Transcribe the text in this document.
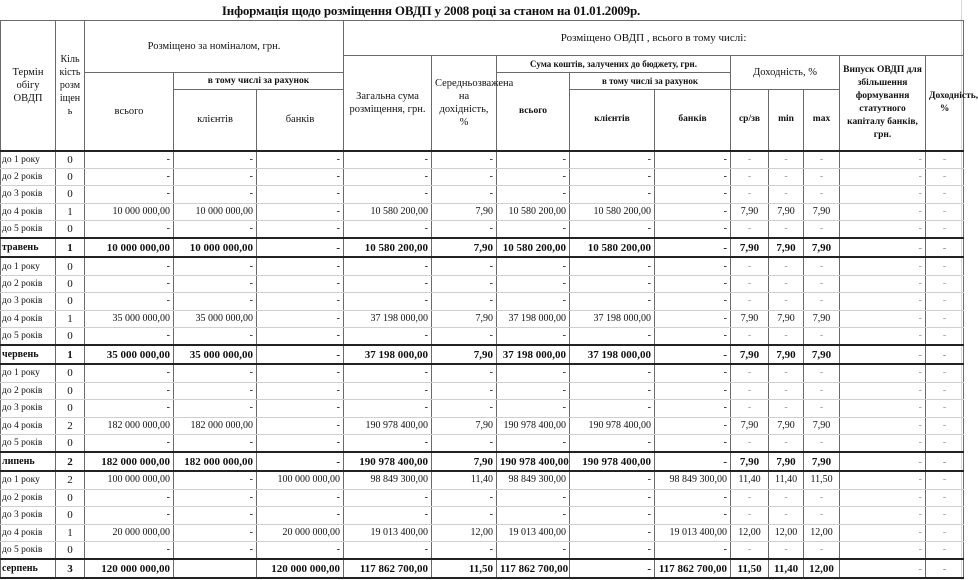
Інформація щодо розміщення ОВДП у 2008 році за станом на 01.01.2009р.
Термін обігу ОВДП	Кількість розміщень	Розміщено за номіналом, грн.			Розміщено ОВДП , всього в тому числі:									
					Загальна сума розміщення, грн.	Середньозважена на дохідність, %	Сума коштів, залучених до бюджету, грн.			Доходність, %			Випуск ОВДП для збільшення формування статутного капіталу банків, грн.	Доходність, %
		всього	в тому числі за рахунок				всього	в тому числі за рахунок						
			клієнтів	банків				клієнтів	банків	ср/зв	min	max		
до 1 року	0	-	-	-	-	-	-	-	-	-	-	-	-	-
до 2 років	0	-	-	-	-	-	-	-	-	-	-	-	-	-
до 3 років	0	-	-	-	-	-	-	-	-	-	-	-	-	-
до 4 років	1	10 000 000,00	10 000 000,00	-	10 580 200,00	7,90	10 580 200,00	10 580 200,00	-	7,90	7,90	7,90	-	-
до 5 років	0	-	-	-	-	-	-	-	-	-	-	-	-	-
травень	1	10 000 000,00	10 000 000,00	-	10 580 200,00	7,90	10 580 200,00	10 580 200,00	-	7,90	7,90	7,90	-	-
до 1 року	0	-	-	-	-	-	-	-	-	-	-	-	-	-
до 2 років	0	-	-	-	-	-	-	-	-	-	-	-	-	-
до 3 років	0	-	-	-	-	-	-	-	-	-	-	-	-	-
до 4 років	1	35 000 000,00	35 000 000,00	-	37 198 000,00	7,90	37 198 000,00	37 198 000,00	-	7,90	7,90	7,90	-	-
до 5 років	0	-	-	-	-	-	-	-	-	-	-	-	-	-
червень	1	35 000 000,00	35 000 000,00	-	37 198 000,00	7,90	37 198 000,00	37 198 000,00	-	7,90	7,90	7,90	-	-
до 1 року	0	-	-	-	-	-	-	-	-	-	-	-	-	-
до 2 років	0	-	-	-	-	-	-	-	-	-	-	-	-	-
до 3 років	0	-	-	-	-	-	-	-	-	-	-	-	-	-
до 4 років	2	182 000 000,00	182 000 000,00	-	190 978 400,00	7,90	190 978 400,00	190 978 400,00	-	7,90	7,90	7,90	-	-
до 5 років	0	-	-	-	-	-	-	-	-	-	-	-	-	-
липень	2	182 000 000,00	182 000 000,00	-	190 978 400,00	7,90	190 978 400,00	190 978 400,00	-	7,90	7,90	7,90	-	-
до 1 року	2	100 000 000,00	-	100 000 000,00	98 849 300,00	11,40	98 849 300,00	-	98 849 300,00	11,40	11,40	11,50	-	-
до 2 років	0	-	-	-	-	-	-	-	-	-	-	-	-	-
до 3 років	0	-	-	-	-	-	-	-	-	-	-	-	-	-
до 4 років	1	20 000 000,00	-	20 000 000,00	19 013 400,00	12,00	19 013 400,00	-	19 013 400,00	12,00	12,00	12,00	-	-
до 5 років	0	-	-	-	-	-	-	-	-	-	-	-	-	-
серпень	3	120 000 000,00		120 000 000,00	117 862 700,00	11,50	117 862 700,00	-	117 862 700,00	11,50	11,40	12,00	-	-
